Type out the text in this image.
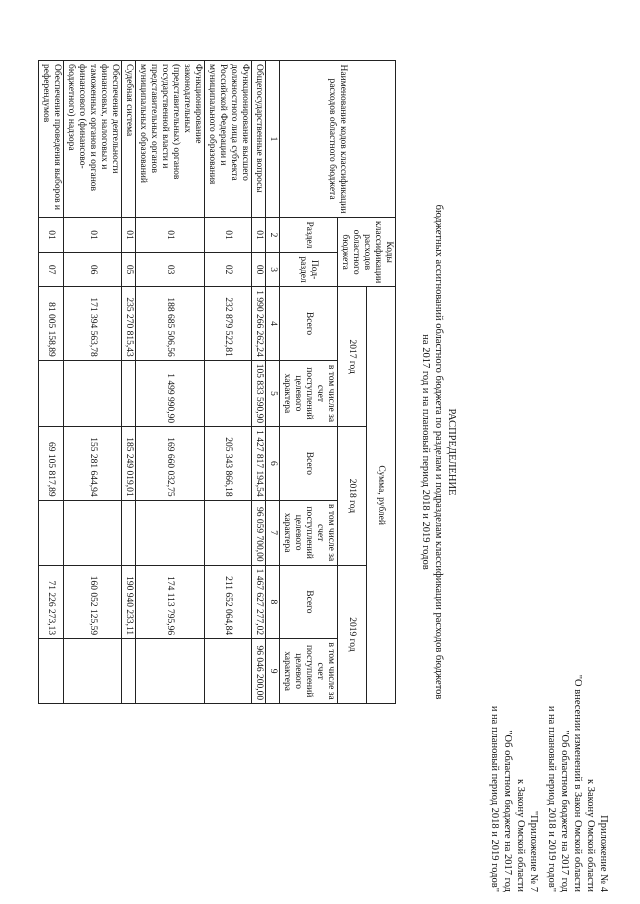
Приложение № 4
к Закону Омской области
"О внесении изменений в Закон Омской области
"Об областном бюджете на 2017 год
и на плановый период 2018 и 2019 годов"
"Приложение № 7
к Закону Омской области
"Об областном бюджете на 2017 год
и на плановый период 2018 и 2019 годов"
РАСПРЕДЕЛЕНИЕ
бюджетных ассигнований областного бюджета по разделам и подразделам классификации расходов бюджетов
на 2017 год и на плановый период 2018 и 2019 годов
Наименование кодов классификации расходов областного бюджета	Коды классификации расходов областного бюджета		Сумма, рублей					
			2017 год		2018 год		2019 год	
	Раздел	Под-раздел	Всего	в том числе за счет поступлений целевого характера	Всего	в том числе за счет поступлений целевого характера	Всего	в том числе за счет поступлений целевого характера
1	2	3	4	5	6	7	8	9
Общегосударственные вопросы	01	00	1 990 266 262,24	105 833 590,90	1 427 817 194,54	96 059 700,00	1 467 627 277,02	96 046 200,00
Функционирование высшего должностного лица субъекта Российской Федерации и муниципального образования	01	02	232 879 522,81		205 343 866,18		211 652 064,84	
Функционирование законодательных (представительных) органов государственной власти и представительных органов муниципальных образований	01	03	188 685 506,56	1 499 990,90	169 660 032,75		174 113 795,96	
Судебная система	01	05	235 270 815,43		185 249 019,01		190 940 233,11	
Обеспечение деятельности финансовых, налоговых и таможенных органов и органов финансового (финансово-бюджетного) надзора	01	06	171 394 563,78		155 281 644,94		160 052 125,59	
Обеспечение проведения выборов и референдумов	01	07	81 005 158,89		69 105 817,89		71 226 273,13	
